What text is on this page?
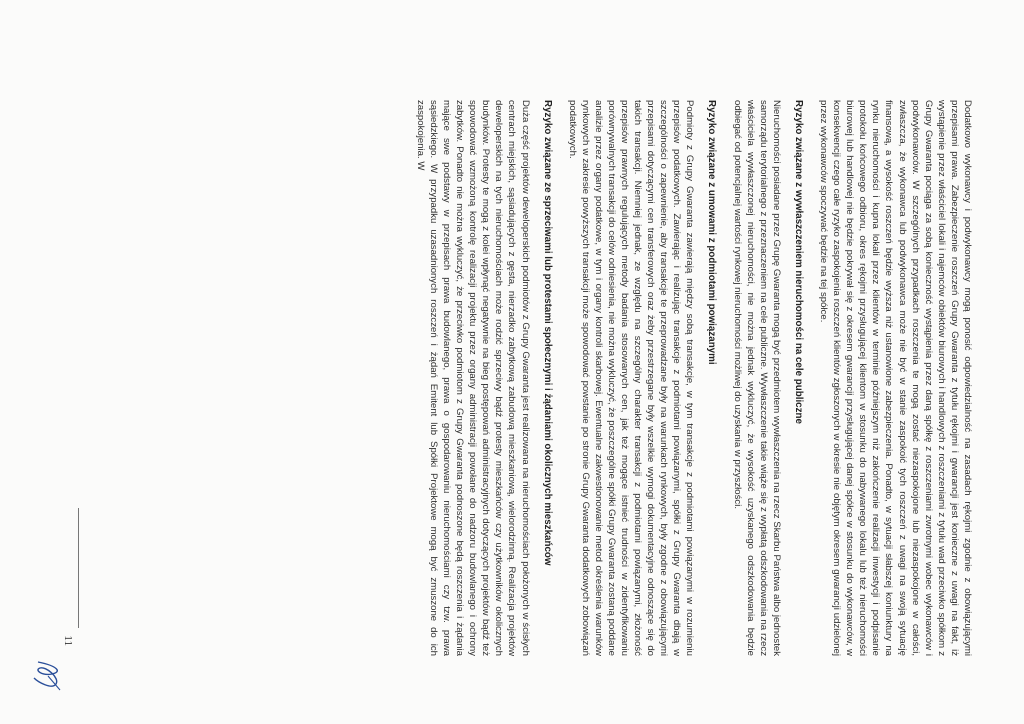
Dodatkowo wykonawcy i podwykonawcy mogą ponosić odpowiedzialność na zasadach rękojmi zgodnie z obowiązującymi przepisami prawa. Zabezpieczenie roszczeń Grupy Gwaranta z tytułu rękojmi i gwarancji jest konieczne z uwagi na fakt, iż wystąpienie przez właściciel lokali i najemców obiektów biurowych i handlowych z roszczeniami z tytułu wad przeciwko spółkom z Grupy Gwaranta pociąga za sobą konieczność wystąpienia przez daną spółkę z roszczeniami zwrotnymi wobec wykonawców i podwykonawców. W szczególnych przypadkach roszczenia te mogą zostać niezaspokojone lub niezaspokojone w całości, zwłaszcza, że wykonawca lub podwykonawca może nie być w stanie zaspokoić tych roszczeń z uwagi na swoją sytuację finansową, a wysokość roszczeń będzie wyższa niż ustanowione zabezpieczenia. Ponadto, w sytuacji słabszej koniunktury na rynku nieruchomości i kupna lokali przez klientów w terminie późniejszym niż zakończenie realizacji inwestycji i podpisanie protokołu końcowego odbioru, okres rękojmi przysługującej klientom w stosunku do nabywanego lokalu lub też nieruchomości biurowej lub handlowej nie będzie pokrywał się z okresem gwarancji przysługującej danej spółce w stosunku do wykonawców, w konsekwencji czego całe ryzyko zaspokojenia roszczeń klientów zgłoszonych w okresie nie objętym okresem gwarancji udzielonej przez wykonawców spoczywać będzie na tej spółce.

Ryzyko związane z wywłaszczeniem nieruchomości na cele publiczne

Nieruchomości posiadane przez Grupę Gwaranta mogą być przedmiotem wywłaszczenia na rzecz Skarbu Państwa albo jednostek samorządu terytorialnego z przeznaczeniem na cele publiczne. Wywłaszczenie takie wiąże się z wypłatą odszkodowania na rzecz właściciela wywłaszczonej nieruchomości, nie można jednak wykluczyć, że wysokość uzyskanego odszkodowania będzie odbiegać od potencjalnej wartości rynkowej nieruchomości możliwej do uzyskania w przyszłości.

Ryzyko związane z umowami z podmiotami powiązanymi

Podmioty z Grupy Gwaranta zawierają między sobą transakcje, w tym transakcje z podmiotami powiązanymi w rozumieniu przepisów podatkowych. Zawierając i realizując transakcje z podmiotami powiązanymi, spółki z Grupy Gwaranta dbają w szczególności o zapewnienie, aby transakcje te przeprowadzane były na warunkach rynkowych, były zgodne z obowiązującymi przepisami dotyczącymi cen transferowych oraz żeby przestrzegane były wszelkie wymogi dokumentacyjne odnoszące się do takich transakcji. Niemniej jednak, ze względu na szczególny charakter transakcji z podmiotami powiązanymi, złożoność przepisów prawnych regulujących metody badania stosowanych cen, jak też mogące istnieć trudności w zidentyfikowaniu porównywalnych transakcji do celów odniesienia, nie można wykluczyć, że poszczególne spółki Grupy Gwaranta zostaną poddane analizie przez organy podatkowe, w tym i organy kontroli skarbowej. Ewentualne zakwestionowanie metod określenia warunków rynkowych w zakresie powyższych transakcji może spowodować powstanie po stronie Grupy Gwaranta dodatkowych zobowiązań podatkowych.

Ryzyko związane ze sprzeciwami lub protestami społecznymi i żądaniami okolicznych mieszkańców

Duża część projektów deweloperskich podmiotów z Grupy Gwaranta jest realizowana na nieruchomościach położonych w ścisłych centrach miejskich, sąsiadujących z gęsta, nierzadko zabytkową zabudową mieszkaniową, wielorodzinną. Realizacja projektów deweloperskich na tych nieruchomościach może rodzić sprzeciwy bądź protesty mieszkańców czy użytkowników okolicznych budynków. Protesty te mogą z kolei wpłynąć negatywnie na bieg postępowań administracyjnych dotyczących projektów bądź też spowodować wzmożoną kontrolę realizacji projektu przez organy administracji powołane do nadzoru budowlanego i ochrony zabytków. Ponadto nie można wykluczyć, że przeciwko podmiotom z Grupy Gwaranta podnoszone będą roszczenia i żądania mające swe podstawy w przepisach prawa budowlanego, prawa o gospodarowaniu nieruchomościami czy tzw. prawa sąsiedzkiego. W przypadku uzasadnionych roszczeń i żądań Emitent lub Spółki Projektowe mogą być zmuszone do ich zaspokojenia. W

11
